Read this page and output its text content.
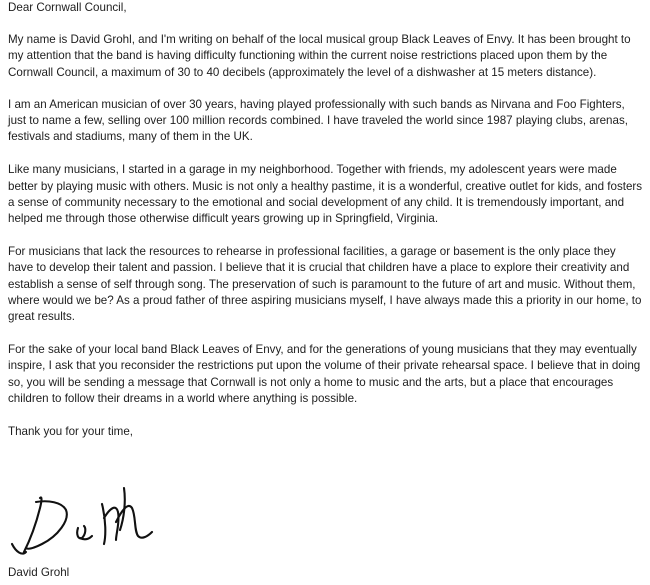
Dear Cornwall Council,

My name is David Grohl, and I'm writing on behalf of the local musical group Black Leaves of Envy. It has been brought to my attention that the band is having difficulty functioning within the current noise restrictions placed upon them by the Cornwall Council, a maximum of 30 to 40 decibels (approximately the level of a dishwasher at 15 meters distance).

I am an American musician of over 30 years, having played professionally with such bands as Nirvana and Foo Fighters, just to name a few, selling over 100 million records combined. I have traveled the world since 1987 playing clubs, arenas, festivals and stadiums, many of them in the UK.

Like many musicians, I started in a garage in my neighborhood. Together with friends, my adolescent years were made better by playing music with others. Music is not only a healthy pastime, it is a wonderful, creative outlet for kids, and fosters a sense of community necessary to the emotional and social development of any child. It is tremendously important, and helped me through those otherwise difficult years growing up in Springfield, Virginia.

For musicians that lack the resources to rehearse in professional facilities, a garage or basement is the only place they have to develop their talent and passion. I believe that it is crucial that children have a place to explore their creativity and establish a sense of self through song. The preservation of such is paramount to the future of art and music. Without them, where would we be? As a proud father of three aspiring musicians myself, I have always made this a priority in our home, to great results.

For the sake of your local band Black Leaves of Envy, and for the generations of young musicians that they may eventually inspire, I ask that you reconsider the restrictions put upon the volume of their private rehearsal space. I believe that in doing so, you will be sending a message that Cornwall is not only a home to music and the arts, but a place that encourages children to follow their dreams in a world where anything is possible.

Thank you for your time,

David Grohl
